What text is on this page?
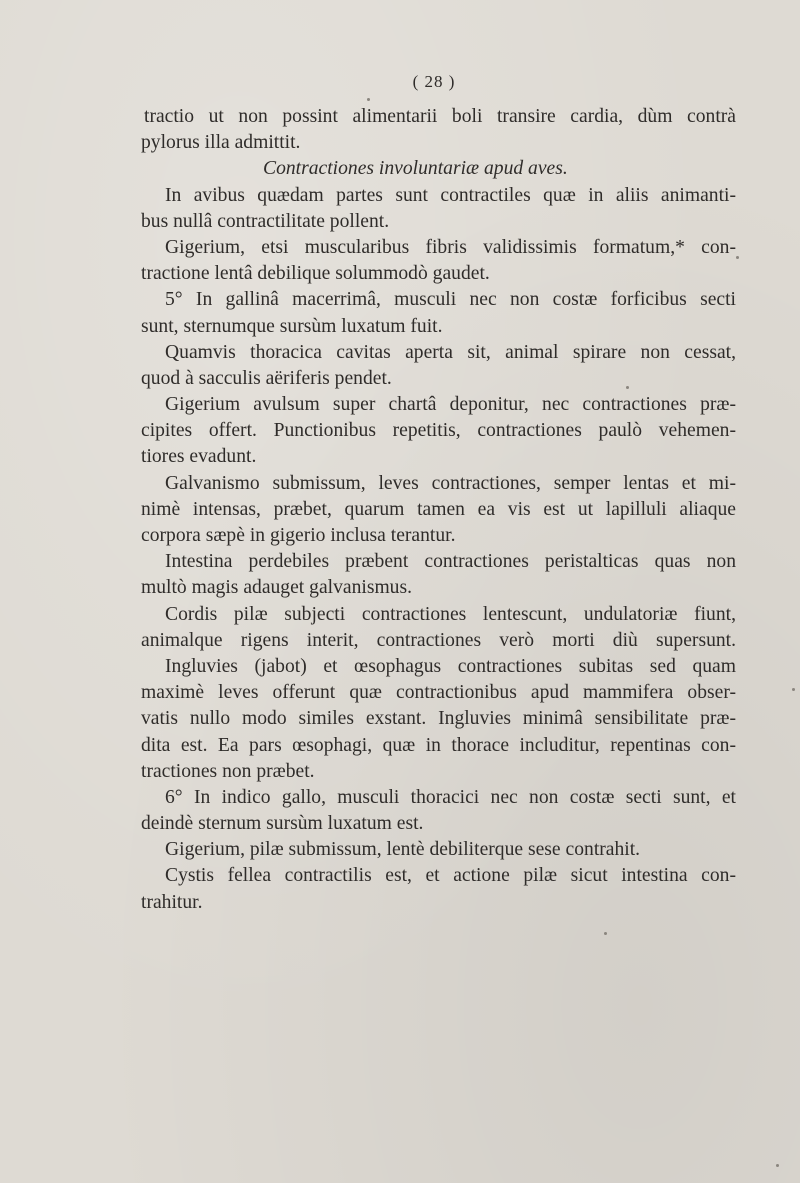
( 28 )
tractio ut non possint alimentarii boli transire cardia, dùm contrà
pylorus illa admittit.
Contractiones involuntariæ apud aves.
In avibus quædam partes sunt contractiles quæ in aliis animanti-
bus nullâ contractilitate pollent.
Gigerium, etsi muscularibus fibris validissimis formatum,* con-
tractione lentâ debilique solummodò gaudet.
5° In gallinâ macerrimâ, musculi nec non costæ forficibus secti
sunt, sternumque sursùm luxatum fuit.
Quamvis thoracica cavitas aperta sit, animal spirare non cessat,
quod à sacculis aëriferis pendet.
Gigerium avulsum super chartâ deponitur, nec contractiones præ-
cipites offert. Punctionibus repetitis, contractiones paulò vehemen-
tiores evadunt.
Galvanismo submissum, leves contractiones, semper lentas et mi-
nimè intensas, præbet, quarum tamen ea vis est ut lapilluli aliaque
corpora sæpè in gigerio inclusa terantur.
Intestina perdebiles præbent contractiones peristalticas quas non
multò magis adauget galvanismus.
Cordis pilæ subjecti contractiones lentescunt, undulatoriæ fiunt,
animalque rigens interit, contractiones verò morti diù supersunt.
Ingluvies (jabot) et œsophagus contractiones subitas sed quam
maximè leves offerunt quæ contractionibus apud mammifera obser-
vatis nullo modo similes exstant. Ingluvies minimâ sensibilitate præ-
dita est. Ea pars œsophagi, quæ in thorace includitur, repentinas con-
tractiones non præbet.
6° In indico gallo, musculi thoracici nec non costæ secti sunt, et
deindè sternum sursùm luxatum est.
Gigerium, pilæ submissum, lentè debiliterque sese contrahit.
Cystis fellea contractilis est, et actione pilæ sicut intestina con-
trahitur.
